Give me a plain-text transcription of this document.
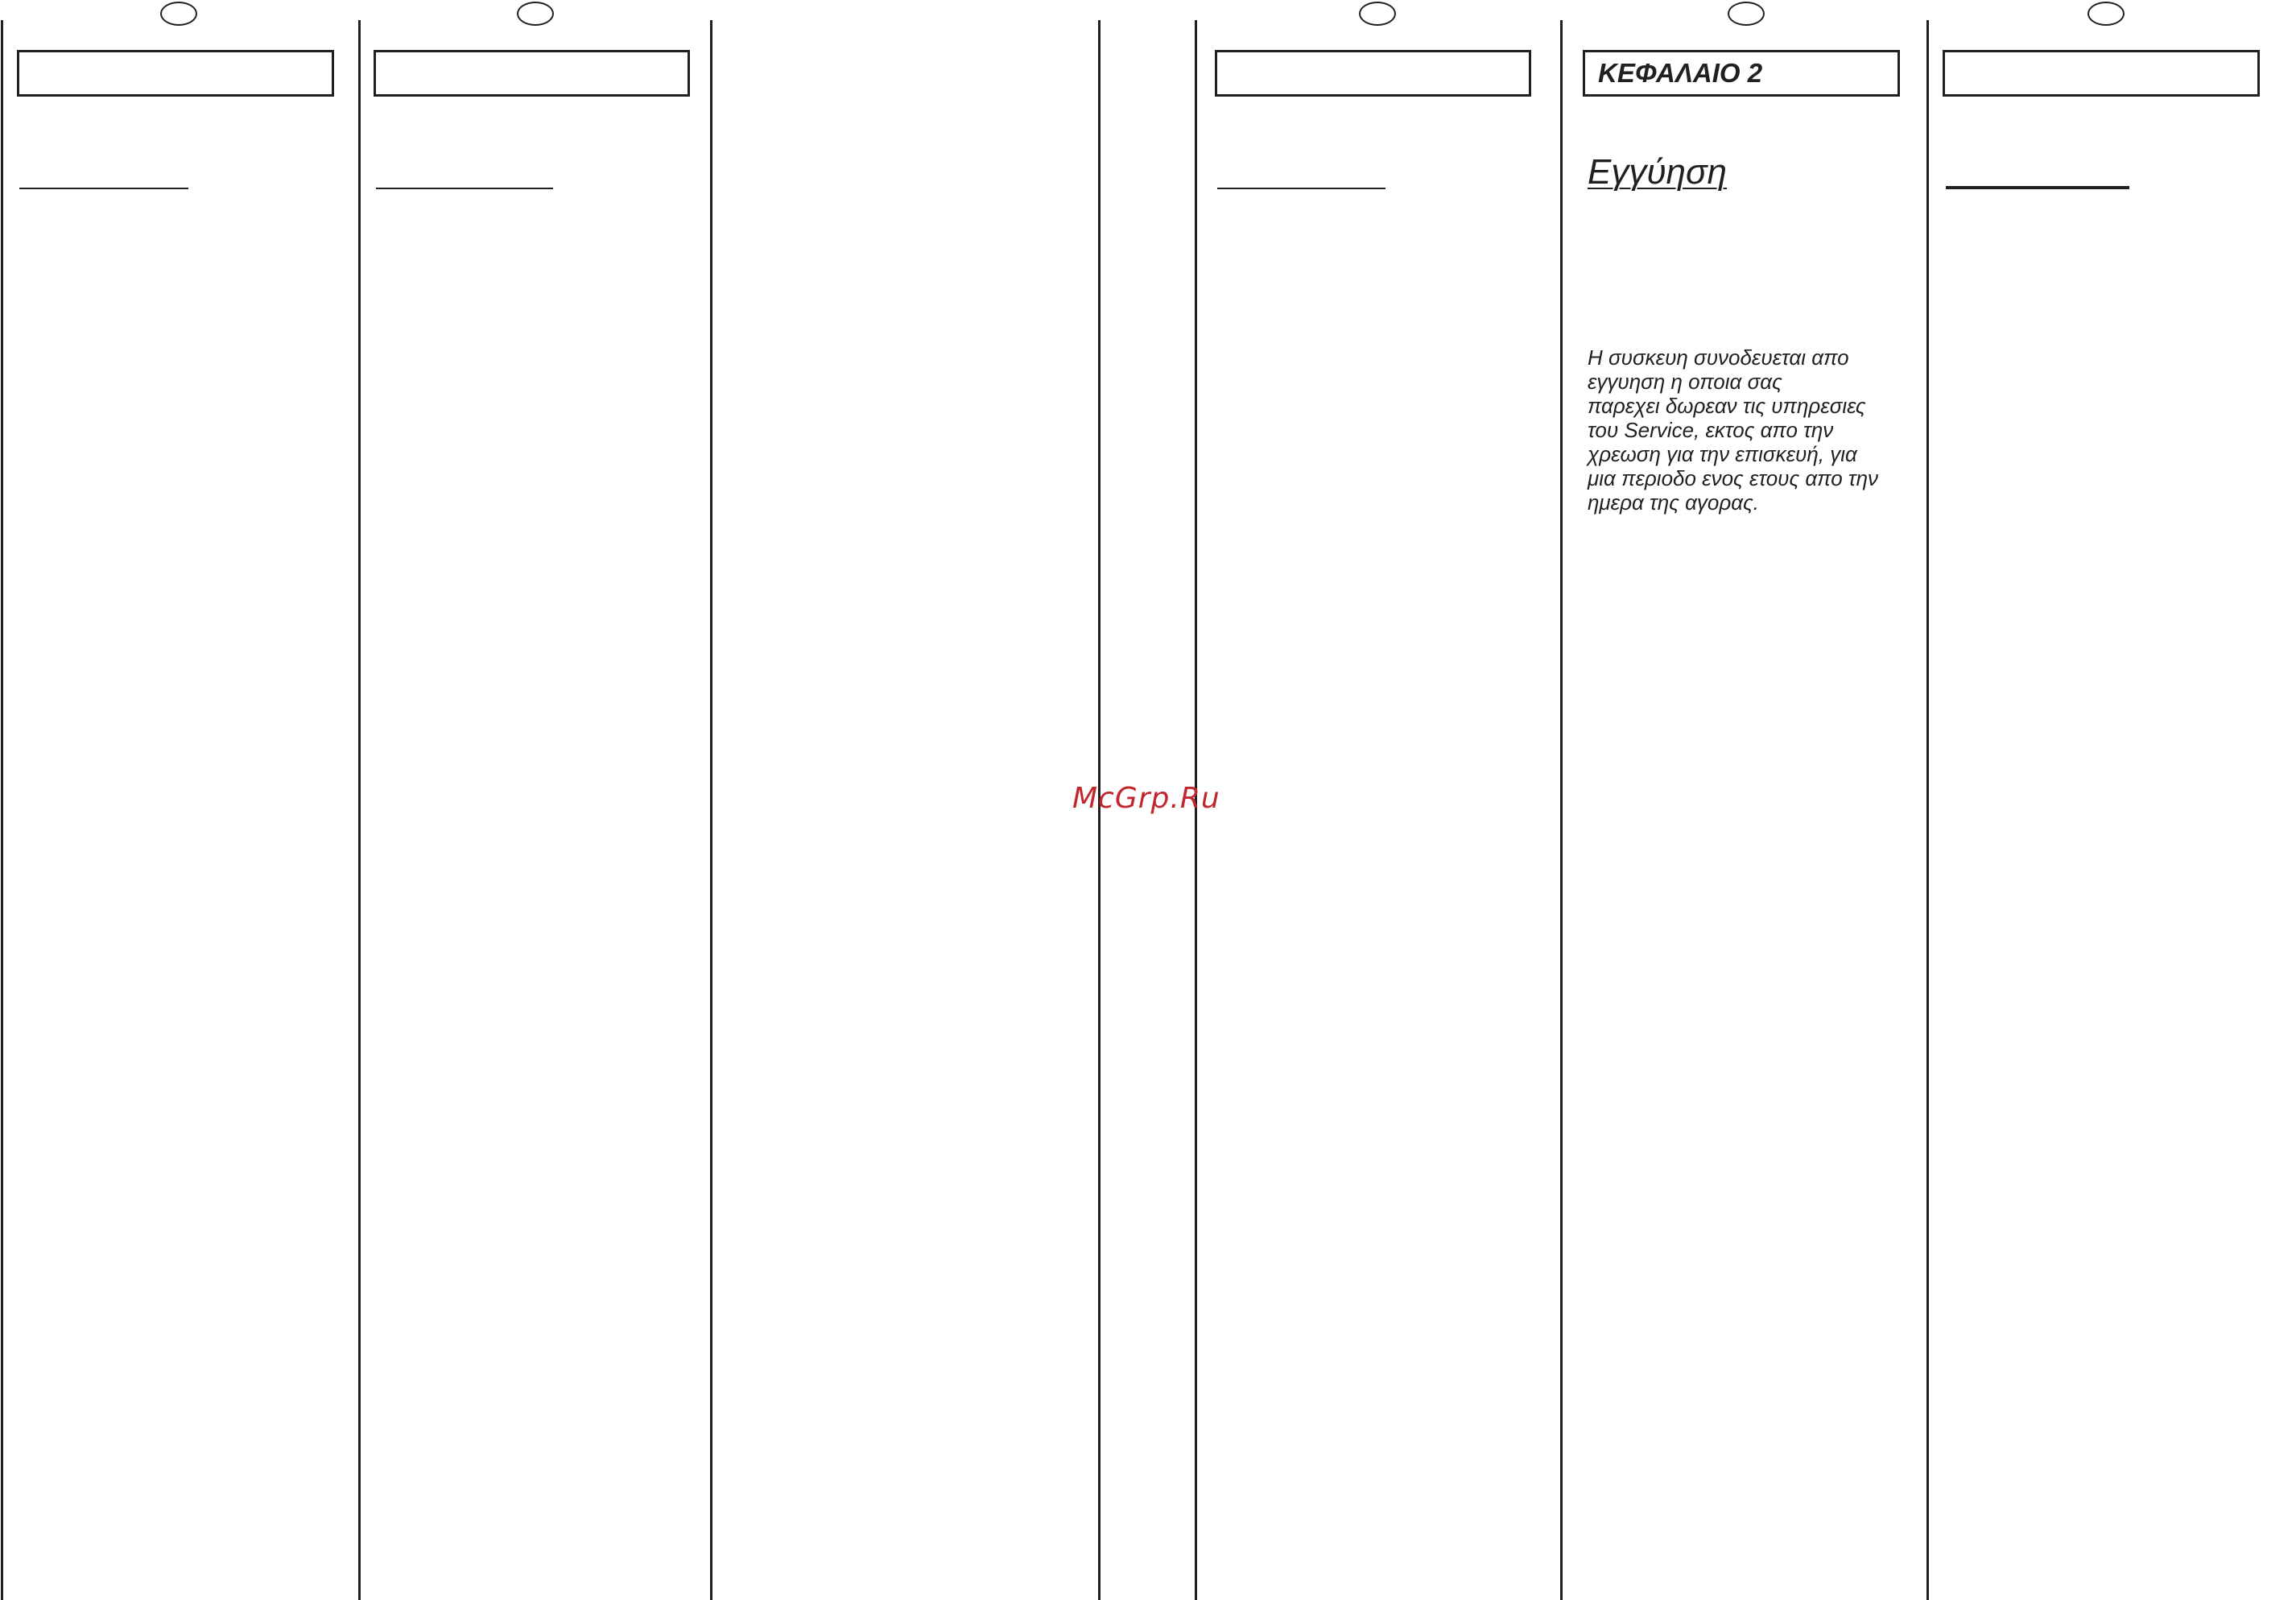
ΚΕΦΑΛΑΙΟ 2
Εγγύηση
Η συσκευη συνοδευεται απο
εγγυηση η οποια σας
παρεχει δωρεαν τις υπηρεσιες
του Service, εκτος απο την
χρεωση για την επισκευή, για
μια περιοδο ενος ετους απο την
ημερα της αγορας.
McGrp.Ru
